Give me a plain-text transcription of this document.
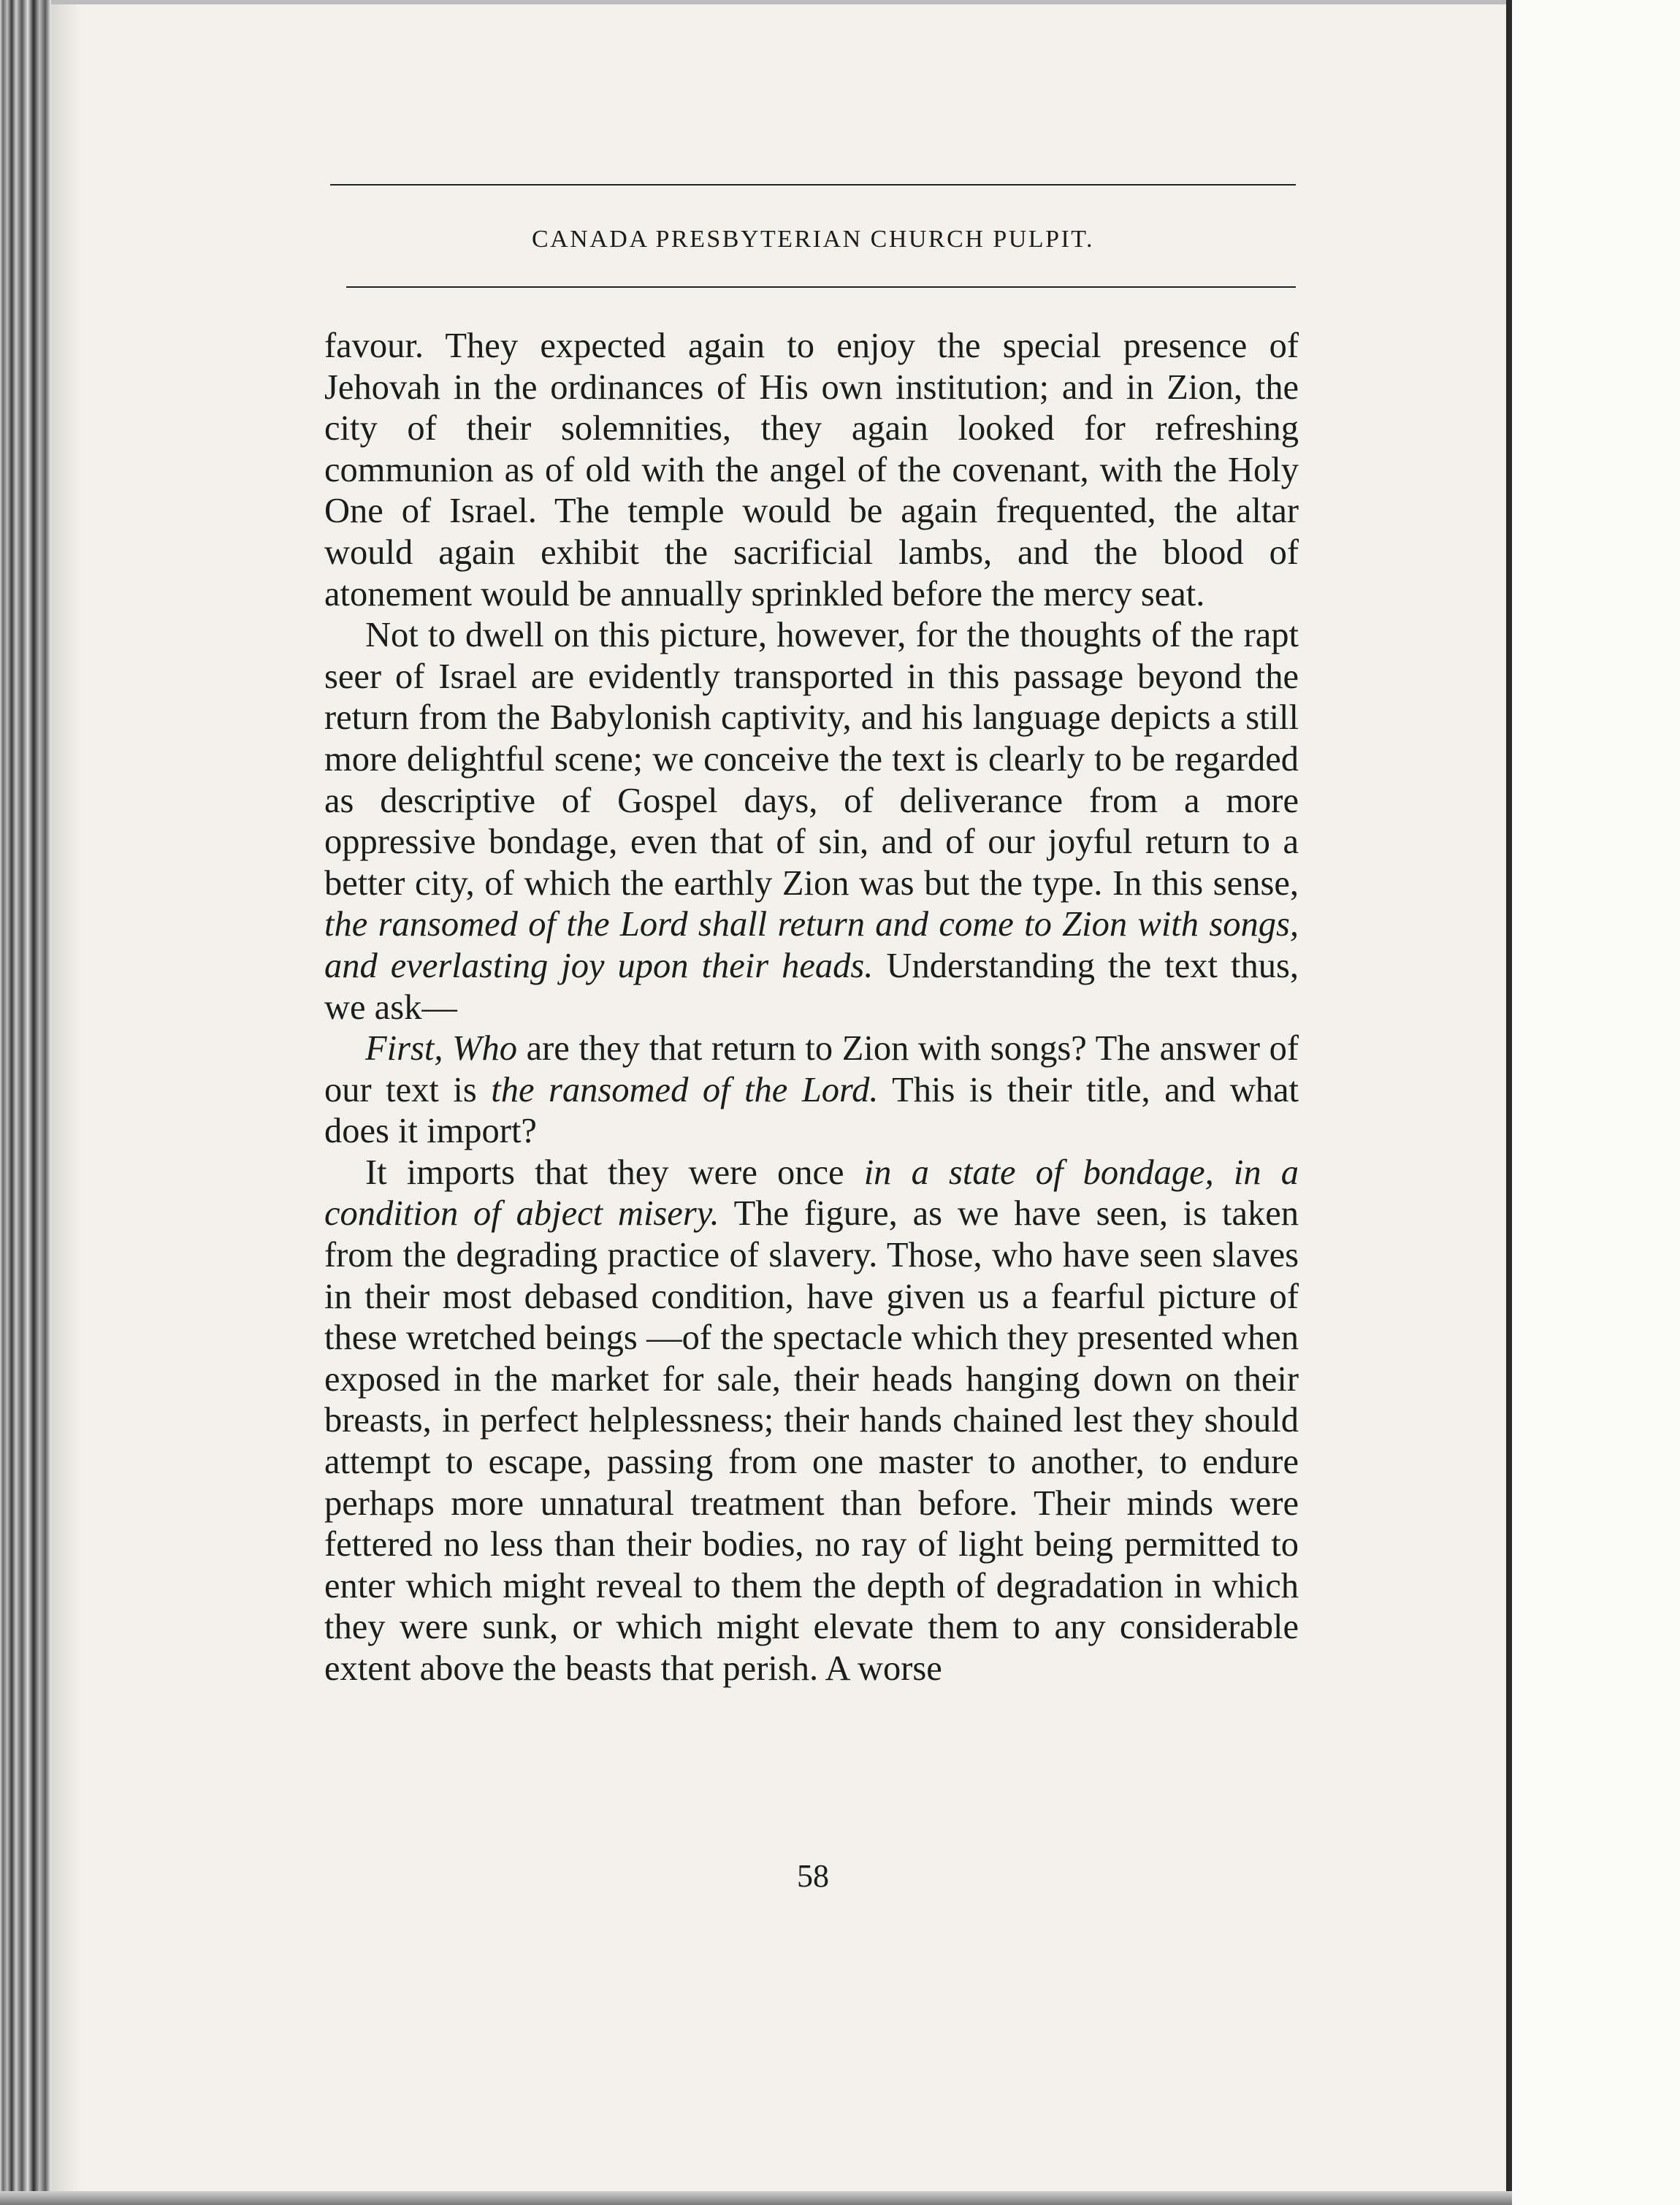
CANADA PRESBYTERIAN CHURCH PULPIT.

favour. They expected again to enjoy the special presence of Jehovah in the ordinances of His own institution; and in Zion, the city of their solemnities, they again looked for refreshing communion as of old with the angel of the covenant, with the Holy One of Israel. The temple would be again frequented, the altar would again exhibit the sacrificial lambs, and the blood of atonement would be annually sprinkled before the mercy seat.

Not to dwell on this picture, however, for the thoughts of the rapt seer of Israel are evidently transported in this passage beyond the return from the Babylonish captivity, and his language depicts a still more delightful scene; we conceive the text is clearly to be regarded as descriptive of Gospel days, of deliverance from a more oppressive bondage, even that of sin, and of our joyful return to a better city, of which the earthly Zion was but the type. In this sense, the ransomed of the Lord shall return and come to Zion with songs, and everlasting joy upon their heads. Understanding the text thus, we ask—

First, Who are they that return to Zion with songs? The answer of our text is the ransomed of the Lord. This is their title, and what does it import?

It imports that they were once in a state of bondage, in a condition of abject misery. The figure, as we have seen, is taken from the degrading practice of slavery. Those, who have seen slaves in their most debased condition, have given us a fearful picture of these wretched beings —of the spectacle which they presented when exposed in the market for sale, their heads hanging down on their breasts, in perfect helplessness; their hands chained lest they should attempt to escape, passing from one master to another, to endure perhaps more unnatural treatment than before. Their minds were fettered no less than their bodies, no ray of light being permitted to enter which might reveal to them the depth of degradation in which they were sunk, or which might elevate them to any considerable extent above the beasts that perish. A worse

58
